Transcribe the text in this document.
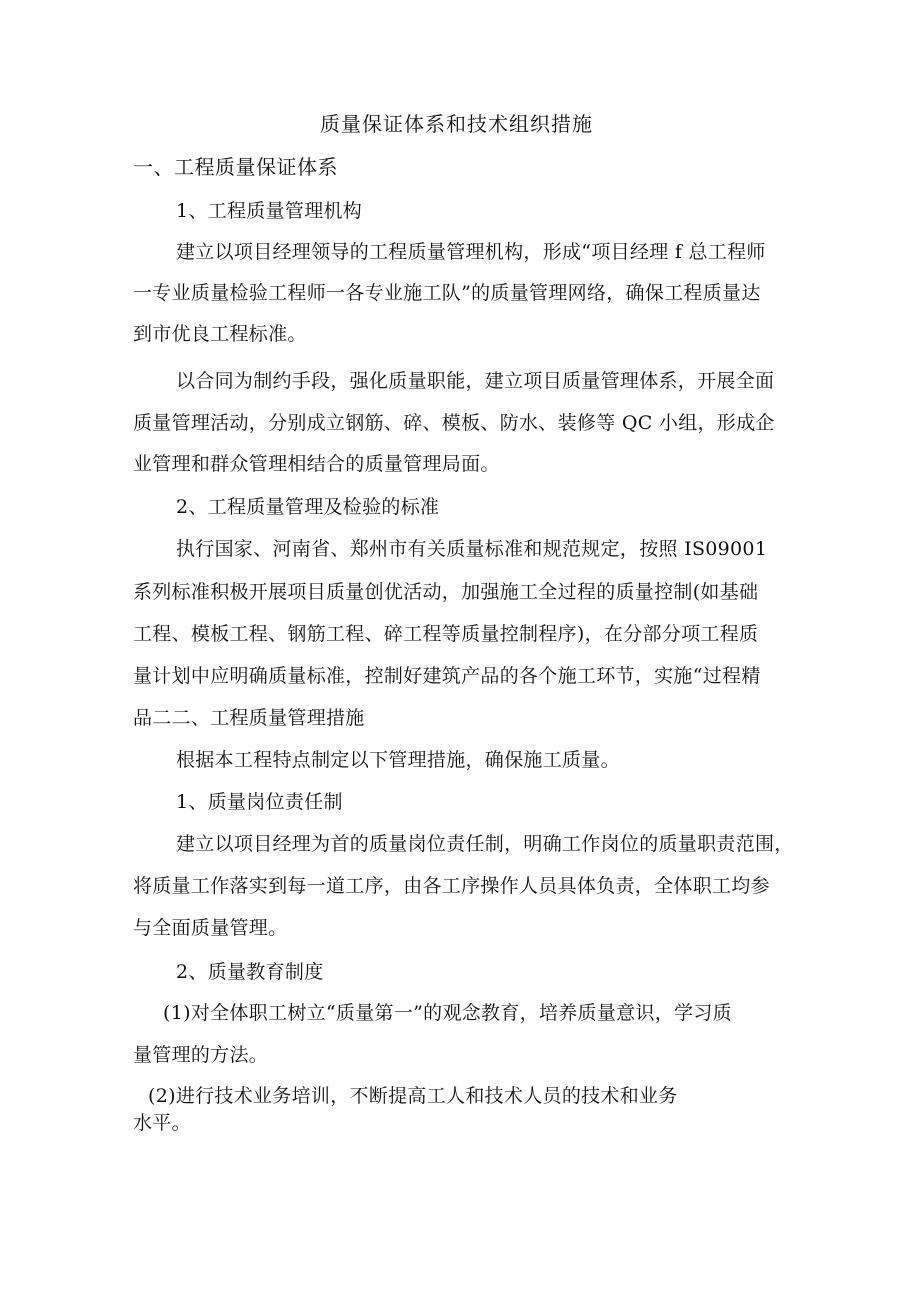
质量保证体系和技术组织措施
一、工程质量保证体系
1、工程质量管理机构
建立以项目经理领导的工程质量管理机构，形成“项目经理 f 总工程师
一专业质量检验工程师一各专业施工队”的质量管理网络，确保工程质量达
到市优良工程标准。
以合同为制约手段，强化质量职能，建立项目质量管理体系，开展全面
质量管理活动，分别成立钢筋、碎、模板、防水、装修等 QC 小组，形成企
业管理和群众管理相结合的质量管理局面。
2、工程质量管理及检验的标准
执行国家、河南省、郑州市有关质量标准和规范规定，按照 IS09001
系列标准积极开展项目质量创优活动，加强施工全过程的质量控制(如基础
工程、模板工程、钢筋工程、碎工程等质量控制程序)，在分部分项工程质
量计划中应明确质量标准，控制好建筑产品的各个施工环节，实施“过程精
品二二、工程质量管理措施
根据本工程特点制定以下管理措施，确保施工质量。
1、质量岗位责任制
建立以项目经理为首的质量岗位责任制，明确工作岗位的质量职责范围，
将质量工作落实到每一道工序，由各工序操作人员具体负责，全体职工均参
与全面质量管理。
2、质量教育制度
(1)对全体职工树立“质量第一”的观念教育，培养质量意识，学习质
量管理的方法。
(2)进行技术业务培训，不断提高工人和技术人员的技术和业务
水平。
